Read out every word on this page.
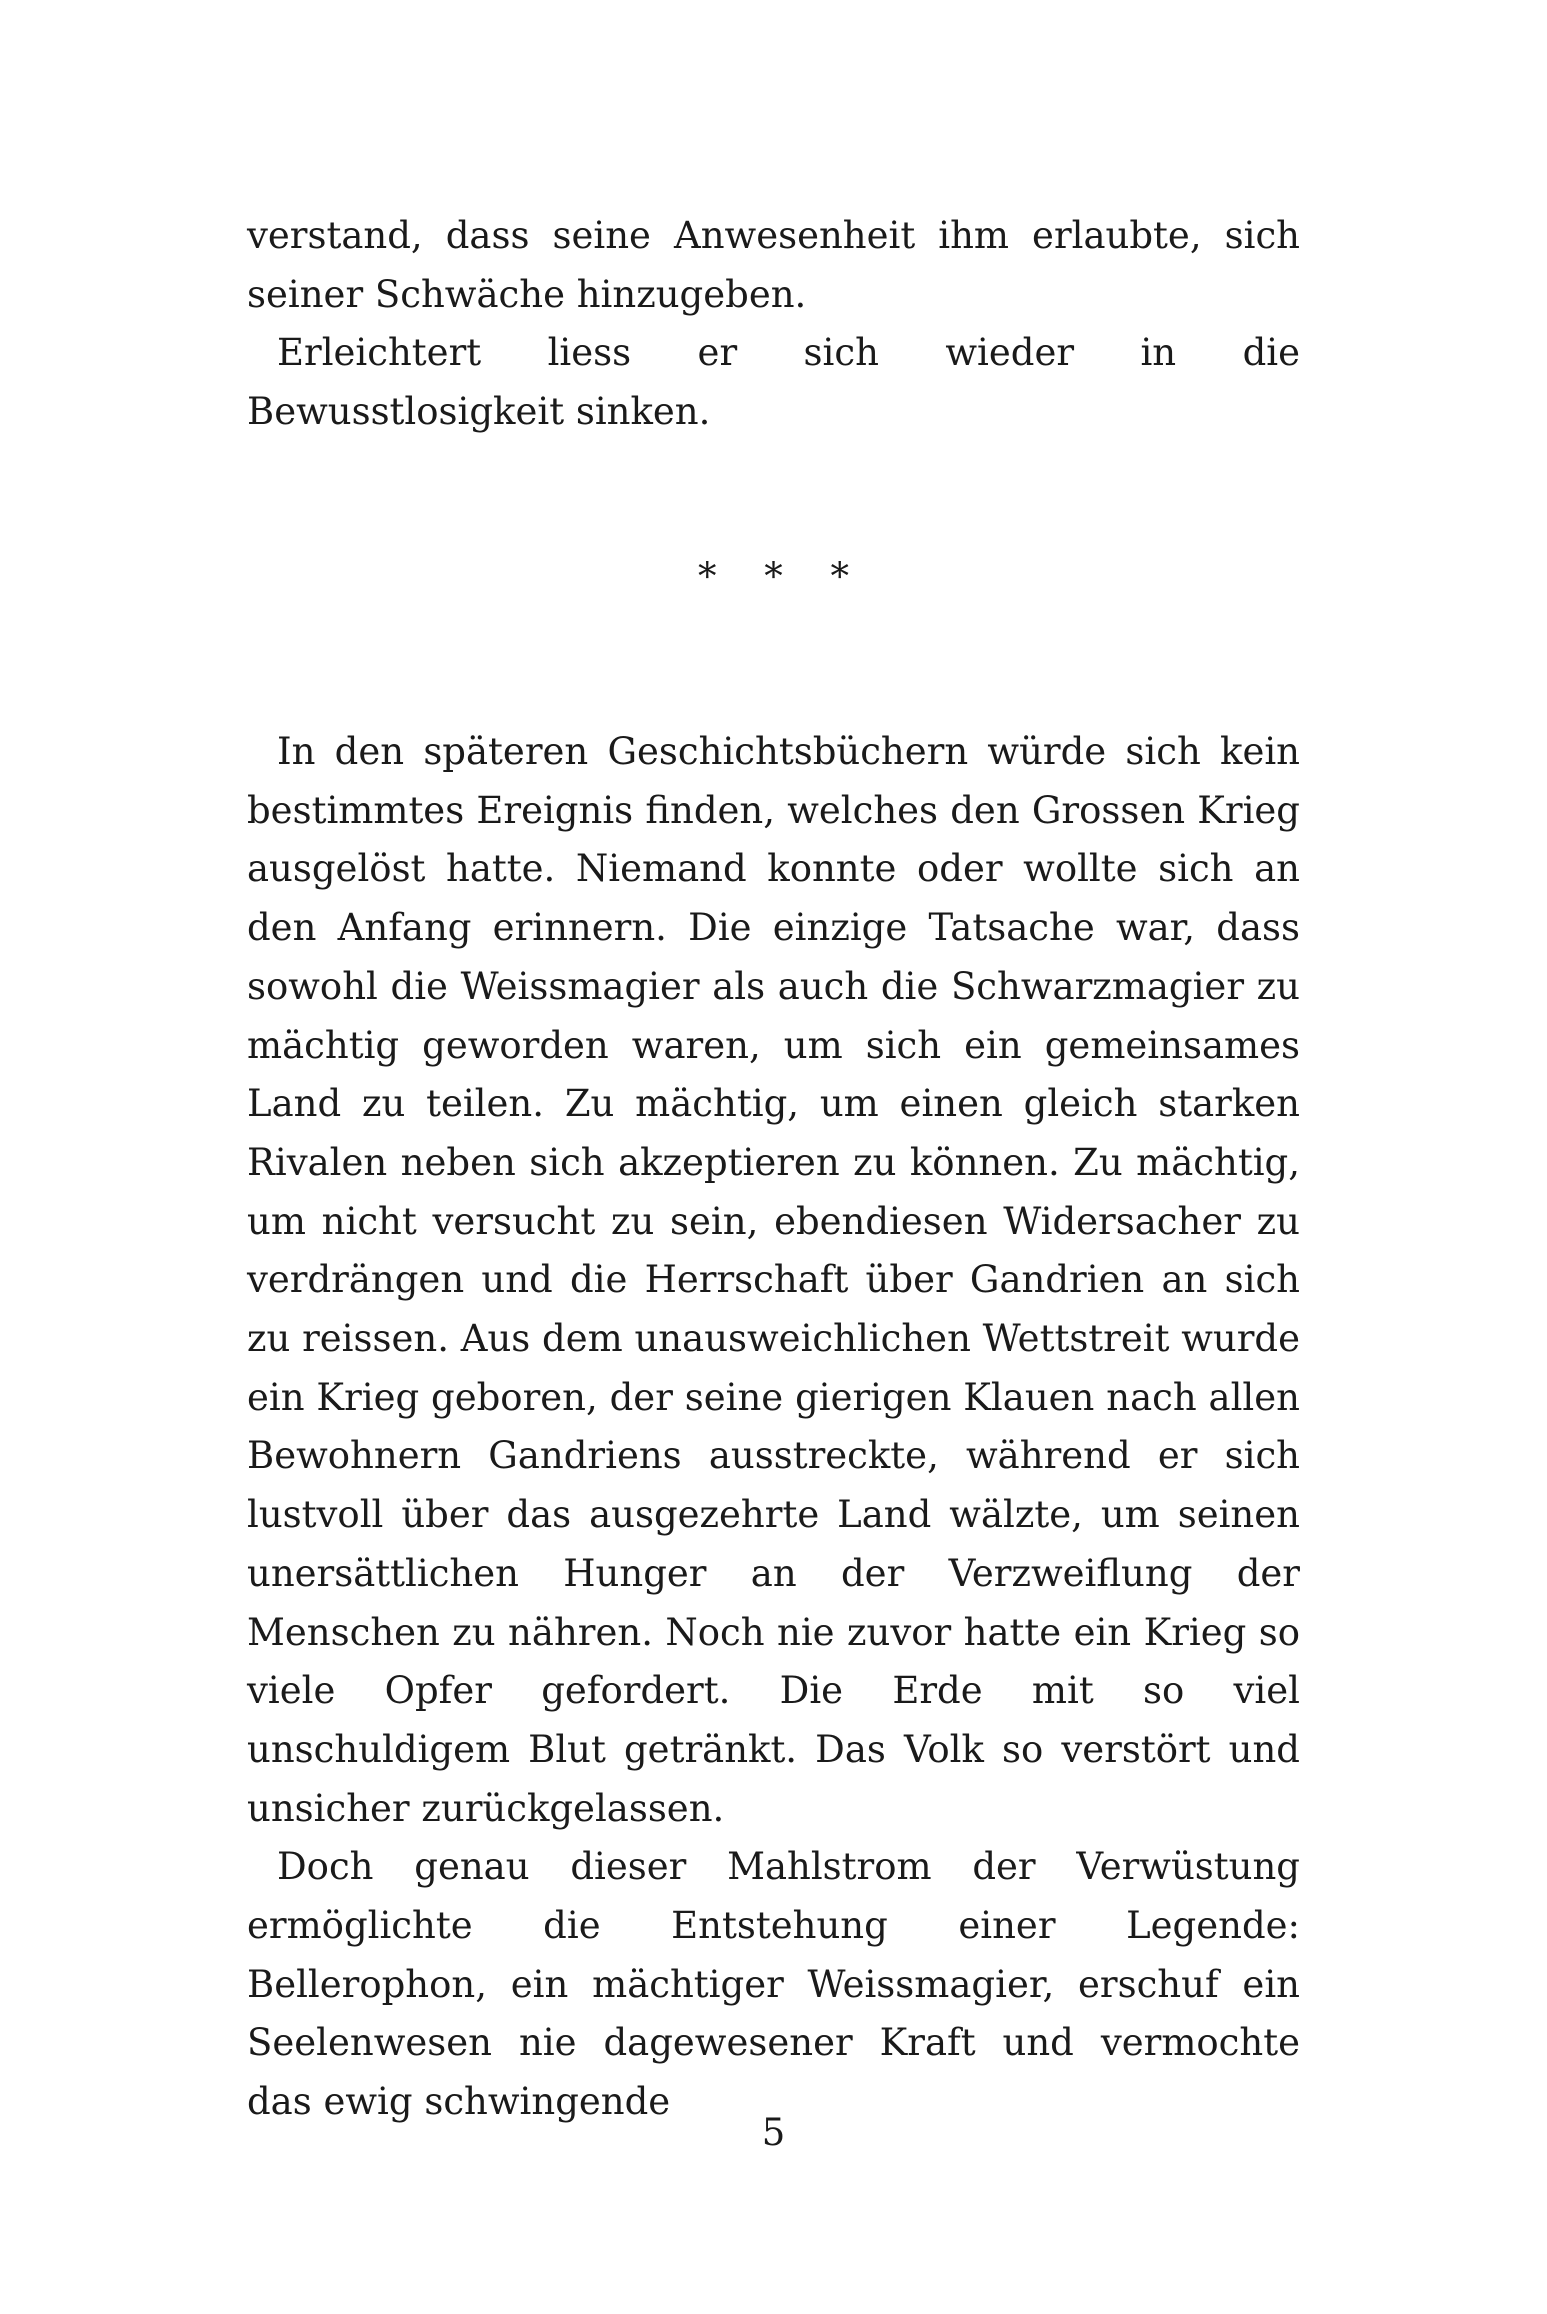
verstand, dass seine Anwesenheit ihm erlaubte, sich seiner Schwäche hinzugeben.

Erleichtert liess er sich wieder in die Bewusstlosigkeit sinken.

* * *

In den späteren Geschichtsbüchern würde sich kein bestimmtes Ereignis finden, welches den Grossen Krieg ausgelöst hatte. Niemand konnte oder wollte sich an den Anfang erinnern. Die einzige Tatsache war, dass sowohl die Weissmagier als auch die Schwarzmagier zu mächtig geworden waren, um sich ein gemeinsames Land zu teilen. Zu mächtig, um einen gleich starken Rivalen neben sich akzeptieren zu können. Zu mächtig, um nicht versucht zu sein, ebendiesen Widersacher zu verdrängen und die Herrschaft über Gandrien an sich zu reissen. Aus dem unausweichlichen Wettstreit wurde ein Krieg geboren, der seine gierigen Klauen nach allen Bewohnern Gandriens ausstreckte, während er sich lustvoll über das ausgezehrte Land wälzte, um seinen unersättlichen Hunger an der Verzweiflung der Menschen zu nähren. Noch nie zuvor hatte ein Krieg so viele Opfer gefordert. Die Erde mit so viel unschuldigem Blut getränkt. Das Volk so verstört und unsicher zurückgelassen.

Doch genau dieser Mahlstrom der Verwüstung ermöglichte die Entstehung einer Legende: Bellerophon, ein mächtiger Weissmagier, erschuf ein Seelenwesen nie dagewesener Kraft und vermochte das ewig schwingende

5
